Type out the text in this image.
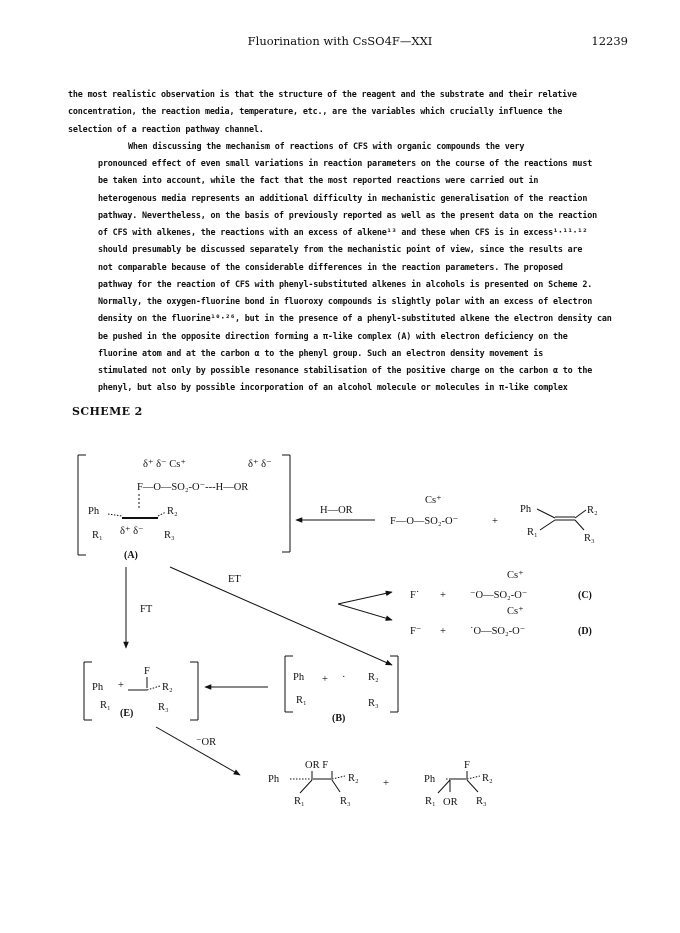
Fluorination with CsSO4F—XXI	12239

the most realistic observation is that the structure of the reagent and the substrate and their relative
concentration, the reaction media, temperature, etc., are the variables which crucially influence the
selection of a reaction pathway channel.

When discussing the mechanism of reactions of CFS with organic compounds the very
pronounced effect of even small variations in reaction parameters on the course of the reactions must
be taken into account, while the fact that the most reported reactions were carried out in
heterogenous media represents an additional difficulty in mechanistic generalisation of the reaction
pathway. Nevertheless, on the basis of previously reported as well as the present data on the reaction
of CFS with alkenes, the reactions with an excess of alkene¹³ and these when CFS is in excess¹·¹¹·¹²
should presumably be discussed separately from the mechanistic point of view, since the results are
not comparable because of the considerable differences in the reaction parameters. The proposed
pathway for the reaction of CFS with phenyl-substituted alkenes in alcohols is presented on Scheme 2.
Normally, the oxygen-fluorine bond in fluoroxy compounds is slightly polar with an excess of electron
density on the fluorine¹⁰·²⁶, but in the presence of a phenyl-substituted alkene the electron density can
be pushed in the opposite direction forming a π-like complex (A) with electron deficiency on the
fluorine atom and at the carbon α to the phenyl group. Such an electron density movement is
stimulated not only by possible resonance stabilisation of the positive charge on the carbon α to the
phenyl, but also by possible incorporation of an alcohol molecule or molecules in π-like complex

SCHEME 2
δ⁺ δ⁻ Cs⁺	δ⁺ δ⁻
F—O—SO₂-O⁻---H—OR
Ph	R₂
R₁ δ⁺ δ⁻ R₃
(A)
H—OR
Cs⁺
F—O—SO₂-O⁻	+
Ph	R₂
R₁
R₃
ET	Cs⁺
F˙ + ⁻O—SO₂-O⁻	(C)
Cs⁺
F⁻ + ˙O—SO₂-O⁻	(D)
FT
F
Ph +	R₂
R₁	R₃
(E)
Ph + · R₂
R₁	R₃
(B)
⁻OR
OR F
Ph	R₂
R₁	R₃
+
F
Ph	R₂
R₁ OR R₃
